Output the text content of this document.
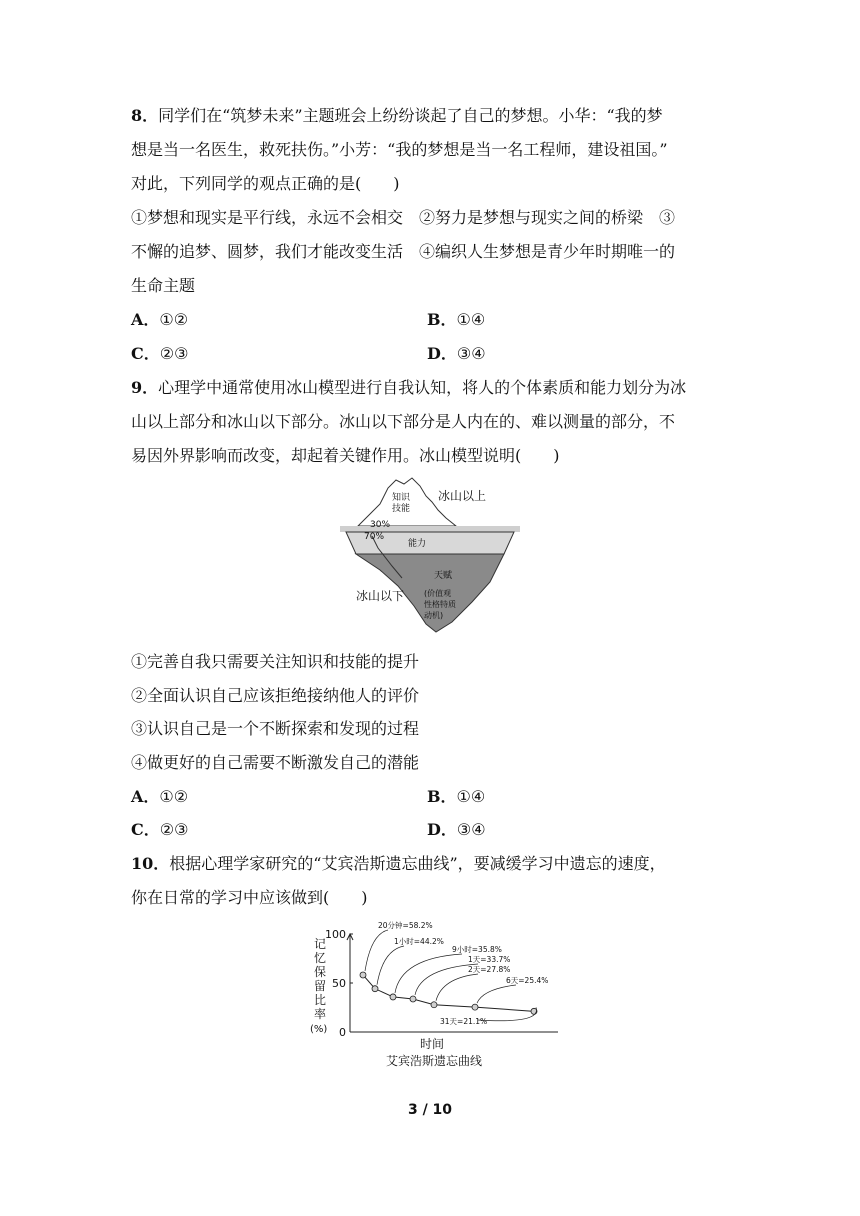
8．同学们在“筑梦未来”主题班会上纷纷谈起了自己的梦想。小华：“我的梦
想是当一名医生，救死扶伤。”小芳：“我的梦想是当一名工程师，建设祖国。”
对此，下列同学的观点正确的是(　　)
①梦想和现实是平行线，永远不会相交　②努力是梦想与现实之间的桥梁　③
不懈的追梦、圆梦，我们才能改变生活　④编织人生梦想是青少年时期唯一的
生命主题
A．①②	B．①④
C．②③	D．③④
9．心理学中通常使用冰山模型进行自我认知，将人的个体素质和能力划分为冰
山以上部分和冰山以下部分。冰山以下部分是人内在的、难以测量的部分，不
易因外界影响而改变，却起着关键作用。冰山模型说明(　　)
知识
技能
冰山以上
30%
70%
能力
天赋
(价值观
性格特质
动机)
冰山以下
①完善自我只需要关注知识和技能的提升
②全面认识自己应该拒绝接纳他人的评价
③认识自己是一个不断探索和发现的过程
④做更好的自己需要不断激发自己的潜能
A．①②	B．①④
C．②③	D．③④
10．根据心理学家研究的“艾宾浩斯遗忘曲线”，要减缓学习中遗忘的速度，
你在日常的学习中应该做到(　　)
记
忆
保
留
比
率
(%)
100
50
0
20分钟=58.2%
1小时=44.2%
9小时=35.8%
1天=33.7%
2天=27.8%
6天=25.4%
31天=21.1%
时间
艾宾浩斯遗忘曲线
3 / 10
